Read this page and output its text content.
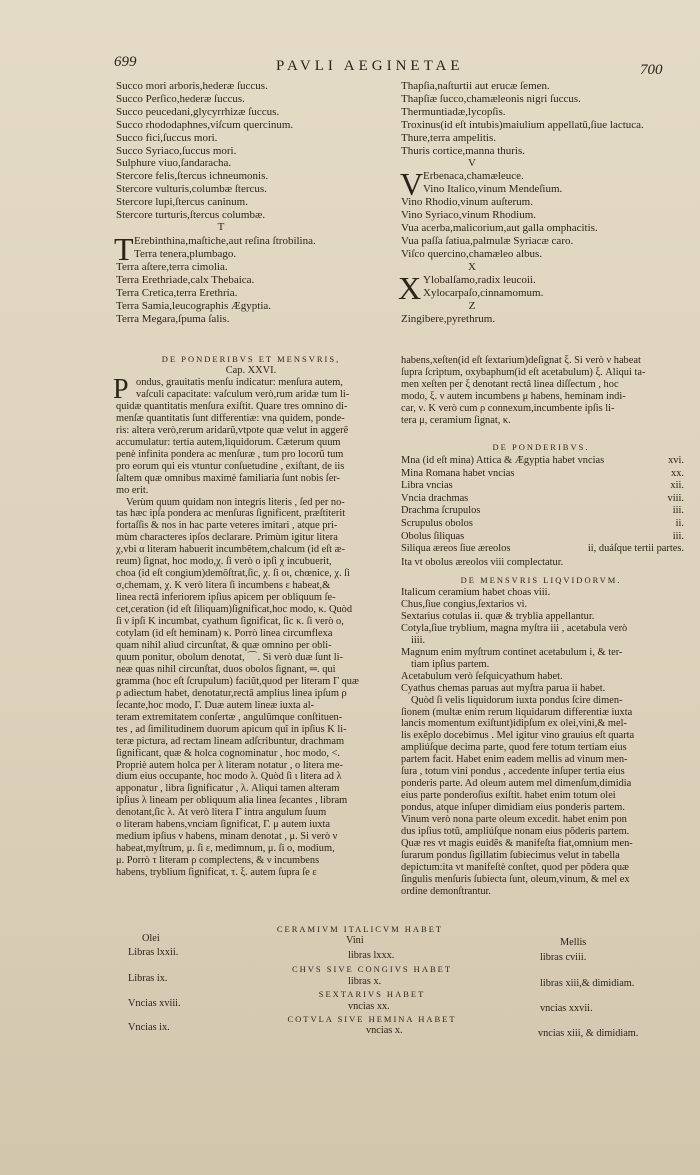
699	PAVLI AEGINETAE	700
Succo mori arboris,hederæ ſuccus.
Succo Perſico,hederæ ſuccus.
Succo peucedani,glycyrrhizæ ſuccus.
Succo rhododaphnes,viſcum quercinum.
Succo fici,ſuccus mori.
Succo Syriaco,ſuccus mori.
Sulphure viuo,ſandaracha.
Stercore felis,ſtercus ichneumonis.
Stercore vulturis,columbæ ſtercus.
Stercore lupi,ſtercus caninum.
Stercore turturis,ſtercus columbæ.
T
T Erebinthina,maſtiche,aut reſina ſtrobilina.
Terra tenera,plumbago.
Terra aſtere,terra cimolia.
Terra Erethriade,calx Thebaica.
Terra Cretica,terra Erethria.
Terra Samia,leucographis Ægyptia.
Terra Megara,ſpuma ſalis.
Thapſia,naſturtii aut erucæ ſemen.
Thapſiæ ſucco,chamæleonis nigri ſuccus.
Thermuntiadæ,lycopſis.
Troxinus(id eſt intubis)maiulium appellatũ,ſiue lactuca.
Thure,terra ampelitis.
Thuris cortice,manna thuris.
V
V Erbenaca,chamæleuce.
Vino Italico,vinum Mendeſium.
Vino Rhodio,vinum auſterum.
Vino Syriaco,vinum Rhodium.
Vua acerba,malicorium,aut galla omphacitis.
Vua paſſa ſatiua,palmulæ Syriacæ caro.
Viſco quercino,chamæleo albus.
X
X Ylobalſamo,radix leucoii.
Xylocarpaſo,cinnamomum.
Z
Zingibere,pyrethrum.
DE PONDERIBVS ET MENSVRIS,
Cap. XXVI.
P ondus, grauitatis menſu indicatur: menſura autem,

vaſculi capacitate: vaſculum verò,rum aridæ tum li-

quidæ quantitatis menſura exiſtit. Quare tres omnino di-

menſæ quantitatis ſunt differentiæ: vna quidem, ponde-

ris: altera verò,rerum aridarũ,vtpote quæ velut in aggerẽ

accumulatur: tertia autem,liquidorum. Cæterum quum

penè infinita pondera ac menſuræ , tum pro locorũ tum

pro eorum qui eis vtuntur conſuetudine , exiſtant, de iis

ſaltem quæ omnibus maximè familiaria ſunt nobis ſer-

mo erit.

Verùm quum quidam non integris literis , ſed per no-

tas hæc ipſa pondera ac menſuras ſignificent, præſtiterit

fortaſſis & nos in hac parte veteres imitari , atque pri-

mùm characteres ipſos declarare. Primùm igitur litera

χ,vbi α literam habuerit incumbẽtem,chalcum (id eſt æ-

reum) ſignat, hoc modo,χ. ſi verò ο ipſi χ incubuerit,

choa (id eſt congium)demõſtrat,ſic, χ. ſi οι, chœnice, χ. ſi

σ,chemam, χ. K verò litera ſi incumbens ε habeat,&

linea rectâ inferiorem ipſius apicem per obliquum ſe-

cet,ceration (id eſt ſiliquam)ſignificat,hoc modo, κ. Quòd

ſi ν ipſi K incumbat, cyathum ſignificat, ſic κ. ſi verò ο,

cotylam (id eſt heminam) κ. Porrò linea circumflexa

quam nihil aliud circunſtat, & quæ omnino per obli-

quum ponitur, obolum denotat, ⌒. Si verò duæ ſunt li-

neæ quas nihil circunſtat, duos obolos ſignant, ═. qui

gramma (hoc eſt ſcrupulum) faciũt,quod per literam Γ quæ

ρ adiectum habet, denotatur,rectâ amplius linea ipſum ρ

ſecante,hoc modo, Γ. Duæ autem lineæ iuxta al-

teram extremitatem conſertæ , angulũmque conſtituen-

tes , ad ſimilitudinem duorum apicum quĩ in ipſius K li-

teræ pictura, ad rectam lineam adſcribuntur, drachmam

ſignificant, quæ & holca cognominatur , hoc modo, <.

Propriè autem holca per λ literam notatur , ο litera me-

dium eius occupante, hoc modo λ. Quòd ſi ι litera ad λ

apponatur , libra ſignificatur , λ. Aliqui tamen alteram

ipſius λ lineam per obliquum alia linea ſecantes , libram

denotant,ſic λ. At verò litera Γ intra angulum ſuum

ο literam habens,vnciam ſignificat, Γ. μ autem iuxta

medium ipſius ν habens, minam denotat , μ. Si verò ν

habeat,myſtrum, μ. ſi ε, medimnum, μ. ſi ο, modium,

μ. Porrò τ literam ρ complectens, & ν incumbens

habens, tryblium ſignificat, τ. ξ. autem ſupra ſe ε

habens,xeſten(id eſt ſextarium)deſignat ξ. Si verò ν habeat

ſupra ſcriptum, oxybaphum(id eſt acetabulum) ξ. Aliqui ta-

men xeſten per ξ denotant rectâ linea diſſectum , hoc

modo, ξ. ν autem incumbens μ habens, heminam indi-

car, ν. K verò cum ρ connexum,incumbente ipſis li-

tera μ, ceramium ſignat, κ.

DE PONDERIBVS.
Mna (id eſt mina) Attica & Ægyptia habet vncias	xvi.
Mina Romana habet vncias	xx.
Libra vncias	xii.
Vncia drachmas	viii.
Drachma ſcrupulos	iii.
Scrupulus obolos	ii.
Obolus ſiliquas	iii.
Siliqua æreos ſiue æreolos	ii, duáſque tertii partes.
Ita vt obolus æreolos viii complectatur.
DE MENSVRIS LIQVIDORVM.

Italicum ceramium habet choas viii.

Chus,ſiue congius,ſextarios vi.

Sextarius cotulas ii. quæ & tryblia appellantur.

Cotyla,ſiue tryblium, magna myſtra iii , acetabula verò

iiii.

Magnum enim myſtrum continet acetabulum i, & ter-

tiam ipſius partem.

Acetabulum verò ſeſquicyathum habet.

Cyathus chemas paruas aut myſtra parua ii habet.

Quòd ſi velis liquidorum iuxta pondus ſcire dimen-

ſionem (multæ enim rerum liquidarum differentiæ iuxta

lancis momentum exiſtunt)idipſum ex olei,vini,& mel-

lis exẽplo docebimus . Mel igitur vino grauius eſt quarta

ampliúſque decima parte, quod fere totum tertiam eius

partem facit. Habet enim eadem mellis ad vinum men-

ſura , totum vini pondus , accedente inſuper tertia eius

ponderis parte. Ad oleum autem mel dimenſum,dimidia

eius parte ponderoſius exiſtit. habet enim totum olei

pondus, atque inſuper dimidiam eius ponderis partem.

Vinum verò nona parte oleum excedit. habet enim pon

dus ipſius totũ, ampliúſque nonam eius põderis partem.

Quæ res vt magis euidẽs & manifeſta fiat,omnium men-

ſurarum pondus ſigillatim ſubiecimus velut in tabella

depictum:ita vt manifeſtè conſtet, quod per põdera quæ

ſingulis menſuris ſubiecta ſunt, oleum,vinum, & mel ex

ordine demonſtrantur.

CERAMIVM ITALICVM HABET
Olei	Vini	Mellis
Libras lxxii.	libras lxxx.	libras cviii.
CHVS SIVE CONGIVS HABET
Libras ix.	libras x.	libras xiii,& dimidiam.
SEXTARIVS HABET
Vncias xviii.	vncias xx.	vncias xxvii.
COTVLA SIVE HEMINA HABET
Vncias ix.	vncias x.	vncias xiii, & dimidiam.
